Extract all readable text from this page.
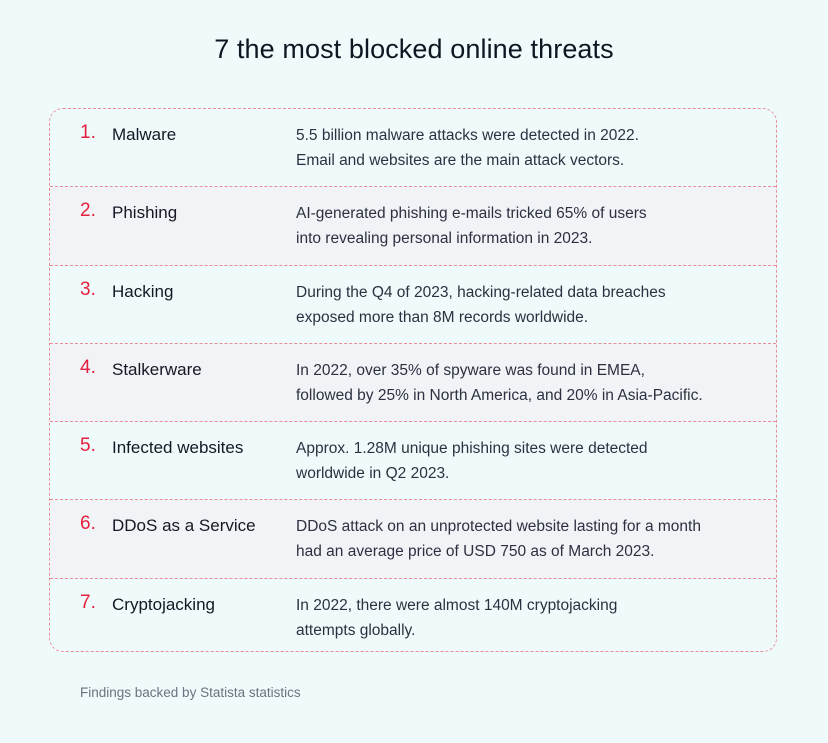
7 the most blocked online threats
1. Malware	5.5 billion malware attacks were detected in 2022.
Email and websites are the main attack vectors.
2. Phishing	AI-generated phishing e-mails tricked 65% of users
into revealing personal information in 2023.
3. Hacking	During the Q4 of 2023, hacking-related data breaches
exposed more than 8M records worldwide.
4. Stalkerware	In 2022, over 35% of spyware was found in EMEA,
followed by 25% in North America, and 20% in Asia-Pacific.
5. Infected websites	Approx. 1.28M unique phishing sites were detected
worldwide in Q2 2023.
6. DDoS as a Service	DDoS attack on an unprotected website lasting for a month
had an average price of USD 750 as of March 2023.
7. Cryptojacking	In 2022, there were almost 140M cryptojacking
attempts globally.
Findings backed by Statista statistics
